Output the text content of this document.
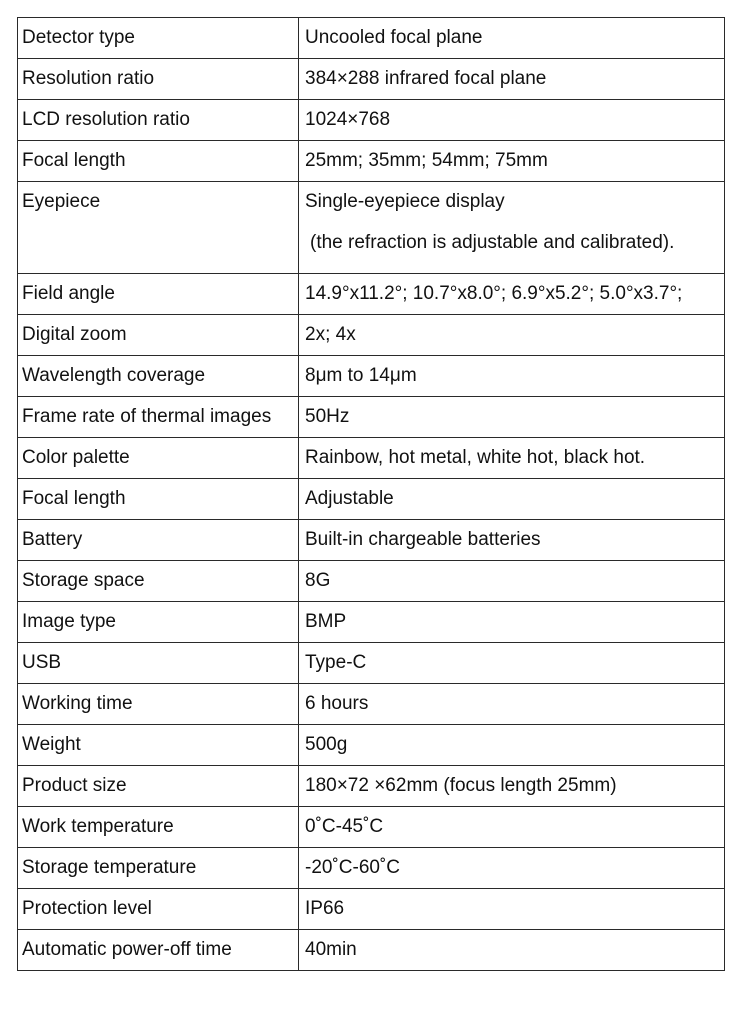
Detector type	Uncooled focal plane
Resolution ratio	384×288 infrared focal plane
LCD resolution ratio	1024×768
Focal length	25mm; 35mm; 54mm; 75mm
Eyepiece	Single-eyepiece display
(the refraction is adjustable and calibrated).

Field angle	14.9°x11.2°; 10.7°x8.0°; 6.9°x5.2°; 5.0°x3.7°;
Digital zoom	2x; 4x
Wavelength coverage	8μm to 14μm
Frame rate of thermal images	50Hz
Color palette	Rainbow, hot metal, white hot, black hot.
Focal length	Adjustable
Battery	Built-in chargeable batteries
Storage space	8G
Image type	BMP
USB	Type-C
Working time	6 hours
Weight	500g
Product size	180×72 ×62mm (focus length 25mm)
Work temperature	0˚C-45˚C
Storage temperature	-20˚C-60˚C
Protection level	IP66
Automatic power-off time	40min
